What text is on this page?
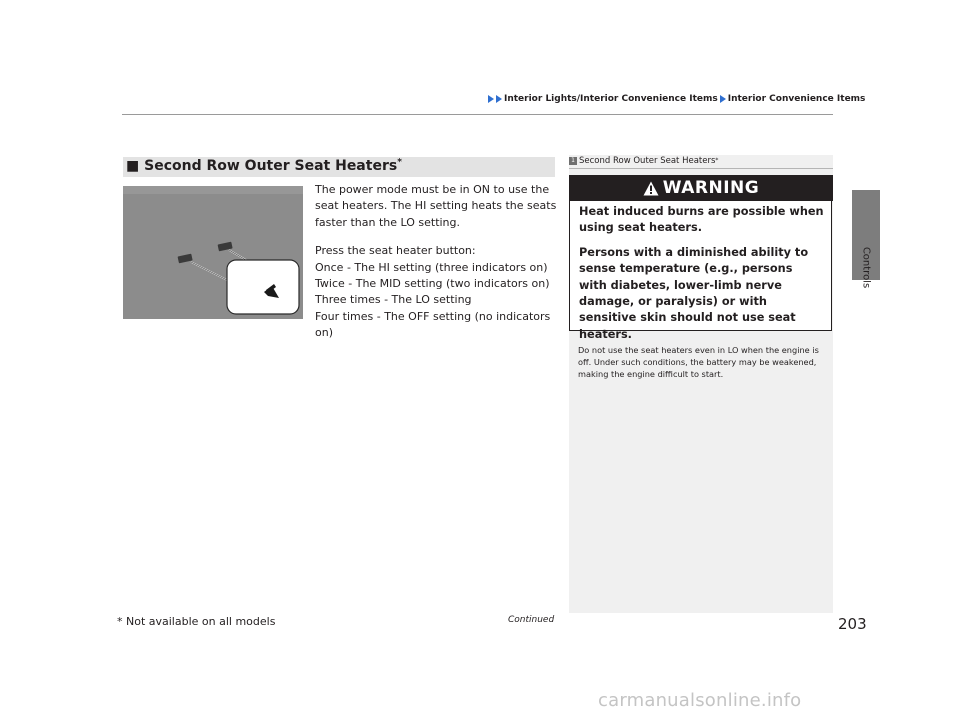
Interior Lights/Interior Convenience Items Interior Convenience Items
Controls
■ Second Row Outer Seat Heaters*

The power mode must be in ON to use the seat heaters. The HI setting heats the seats faster than the LO setting.

Press the seat heater button:

Once - The HI setting (three indicators on)

Twice - The MID setting (two indicators on)

Three times - The LO setting

Four times - The OFF setting (no indicators on)

1 Second Row Outer Seat Heaters *
WARNING

Heat induced burns are possible when using seat heaters.

Persons with a diminished ability to sense temperature (e.g., persons with diabetes, lower-limb nerve damage, or paralysis) or with sensitive skin should not use seat heaters.

Do not use the seat heaters even in LO when the engine is off. Under such conditions, the battery may be weakened, making the engine difficult to start.
* Not available on all models	Continued	203
carmanualsonline.info
